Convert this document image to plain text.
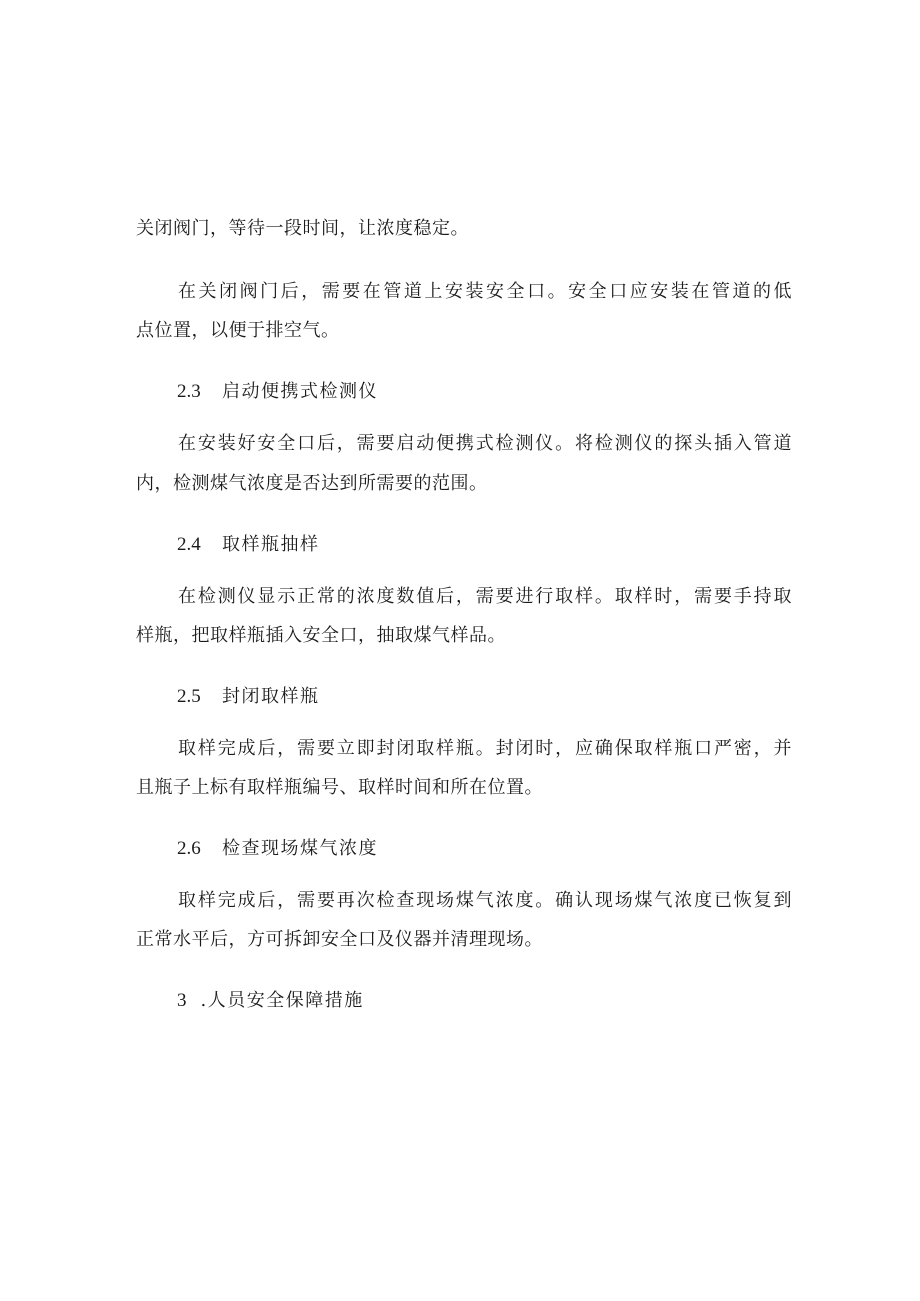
关闭阀门，等待一段时间，让浓度稳定。
在关闭阀门后，需要在管道上安装安全口。安全口应安装在管道的低
点位置，以便于排空气。
2.3 启动便携式检测仪
在安装好安全口后，需要启动便携式检测仪。将检测仪的探头插入管道
内，检测煤气浓度是否达到所需要的范围。
2.4 取样瓶抽样
在检测仪显示正常的浓度数值后，需要进行取样。取样时，需要手持取
样瓶，把取样瓶插入安全口，抽取煤气样品。
2.5 封闭取样瓶
取样完成后，需要立即封闭取样瓶。封闭时，应确保取样瓶口严密，并
且瓶子上标有取样瓶编号、取样时间和所在位置。
2.6 检查现场煤气浓度
取样完成后，需要再次检查现场煤气浓度。确认现场煤气浓度已恢复到
正常水平后，方可拆卸安全口及仪器并清理现场。
3 .人员安全保障措施
